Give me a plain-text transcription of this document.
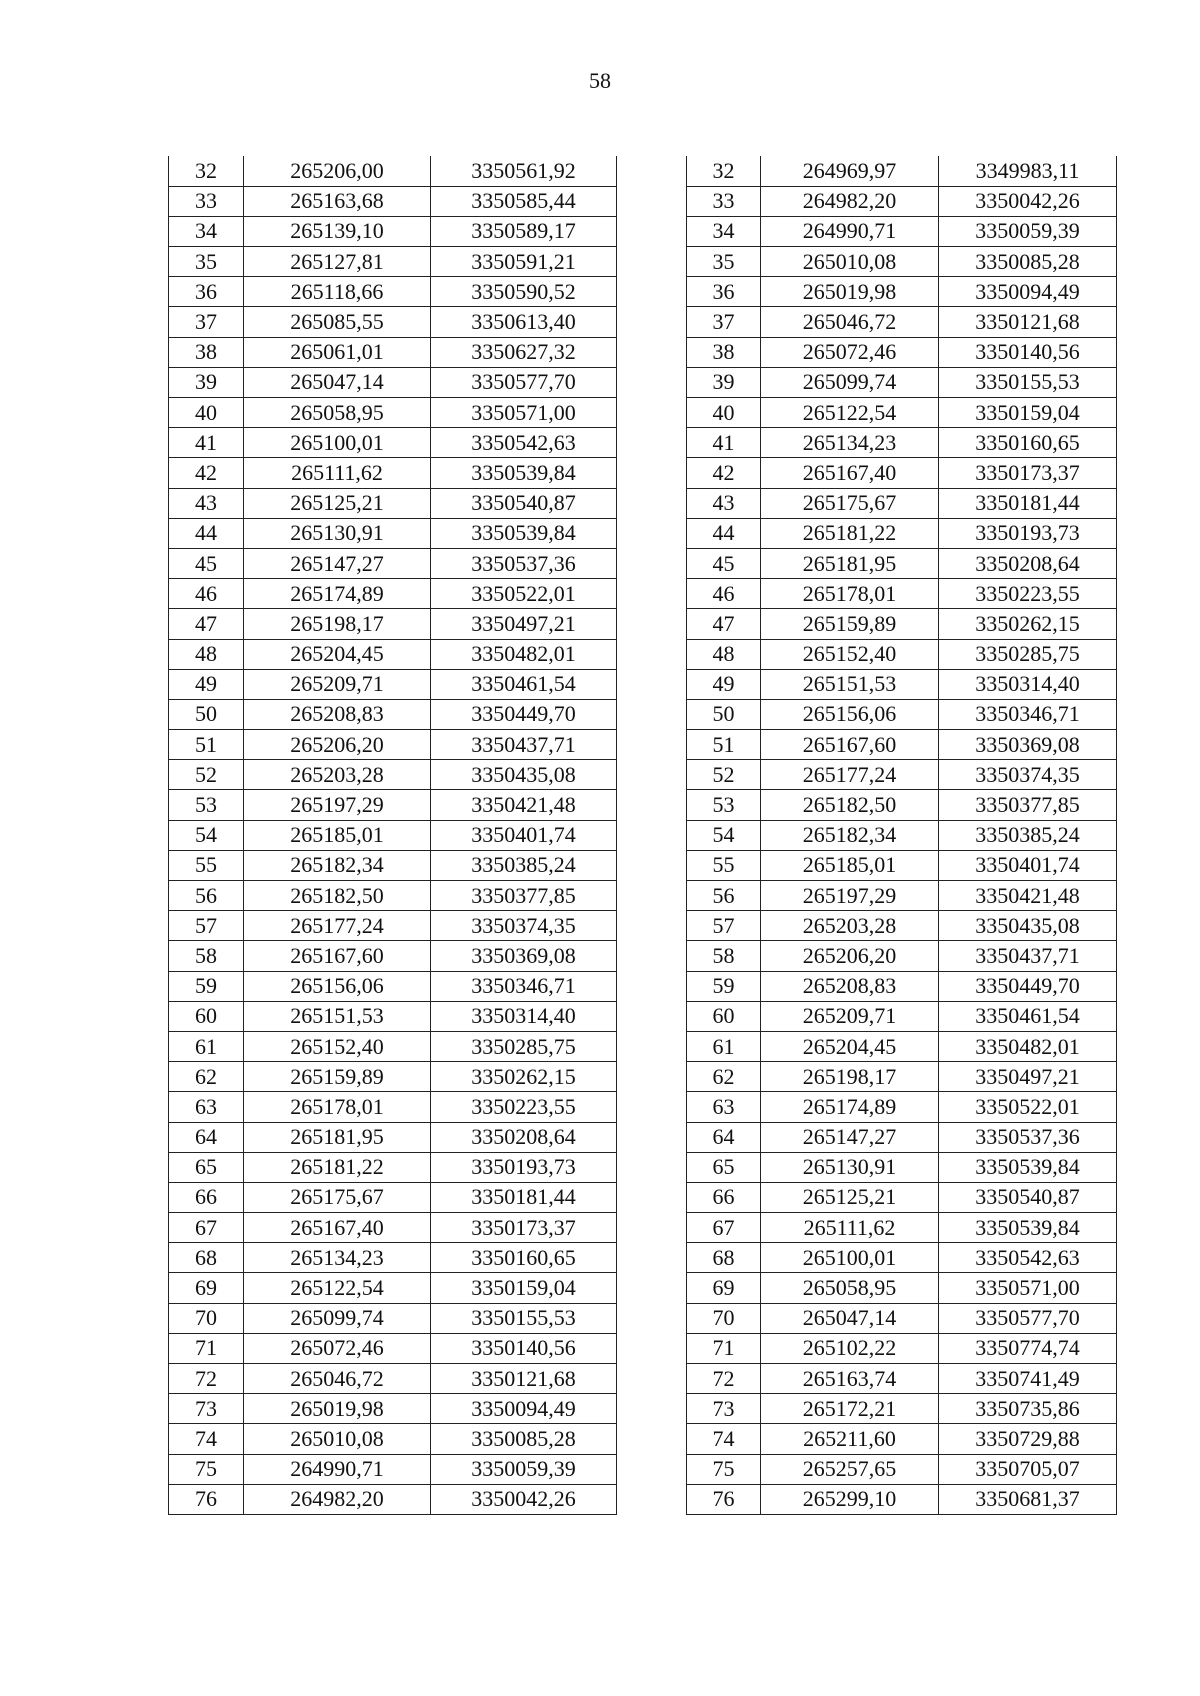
58
32	265206,00	3350561,92
33	265163,68	3350585,44
34	265139,10	3350589,17
35	265127,81	3350591,21
36	265118,66	3350590,52
37	265085,55	3350613,40
38	265061,01	3350627,32
39	265047,14	3350577,70
40	265058,95	3350571,00
41	265100,01	3350542,63
42	265111,62	3350539,84
43	265125,21	3350540,87
44	265130,91	3350539,84
45	265147,27	3350537,36
46	265174,89	3350522,01
47	265198,17	3350497,21
48	265204,45	3350482,01
49	265209,71	3350461,54
50	265208,83	3350449,70
51	265206,20	3350437,71
52	265203,28	3350435,08
53	265197,29	3350421,48
54	265185,01	3350401,74
55	265182,34	3350385,24
56	265182,50	3350377,85
57	265177,24	3350374,35
58	265167,60	3350369,08
59	265156,06	3350346,71
60	265151,53	3350314,40
61	265152,40	3350285,75
62	265159,89	3350262,15
63	265178,01	3350223,55
64	265181,95	3350208,64
65	265181,22	3350193,73
66	265175,67	3350181,44
67	265167,40	3350173,37
68	265134,23	3350160,65
69	265122,54	3350159,04
70	265099,74	3350155,53
71	265072,46	3350140,56
72	265046,72	3350121,68
73	265019,98	3350094,49
74	265010,08	3350085,28
75	264990,71	3350059,39
76	264982,20	3350042,26
32	264969,97	3349983,11
33	264982,20	3350042,26
34	264990,71	3350059,39
35	265010,08	3350085,28
36	265019,98	3350094,49
37	265046,72	3350121,68
38	265072,46	3350140,56
39	265099,74	3350155,53
40	265122,54	3350159,04
41	265134,23	3350160,65
42	265167,40	3350173,37
43	265175,67	3350181,44
44	265181,22	3350193,73
45	265181,95	3350208,64
46	265178,01	3350223,55
47	265159,89	3350262,15
48	265152,40	3350285,75
49	265151,53	3350314,40
50	265156,06	3350346,71
51	265167,60	3350369,08
52	265177,24	3350374,35
53	265182,50	3350377,85
54	265182,34	3350385,24
55	265185,01	3350401,74
56	265197,29	3350421,48
57	265203,28	3350435,08
58	265206,20	3350437,71
59	265208,83	3350449,70
60	265209,71	3350461,54
61	265204,45	3350482,01
62	265198,17	3350497,21
63	265174,89	3350522,01
64	265147,27	3350537,36
65	265130,91	3350539,84
66	265125,21	3350540,87
67	265111,62	3350539,84
68	265100,01	3350542,63
69	265058,95	3350571,00
70	265047,14	3350577,70
71	265102,22	3350774,74
72	265163,74	3350741,49
73	265172,21	3350735,86
74	265211,60	3350729,88
75	265257,65	3350705,07
76	265299,10	3350681,37
